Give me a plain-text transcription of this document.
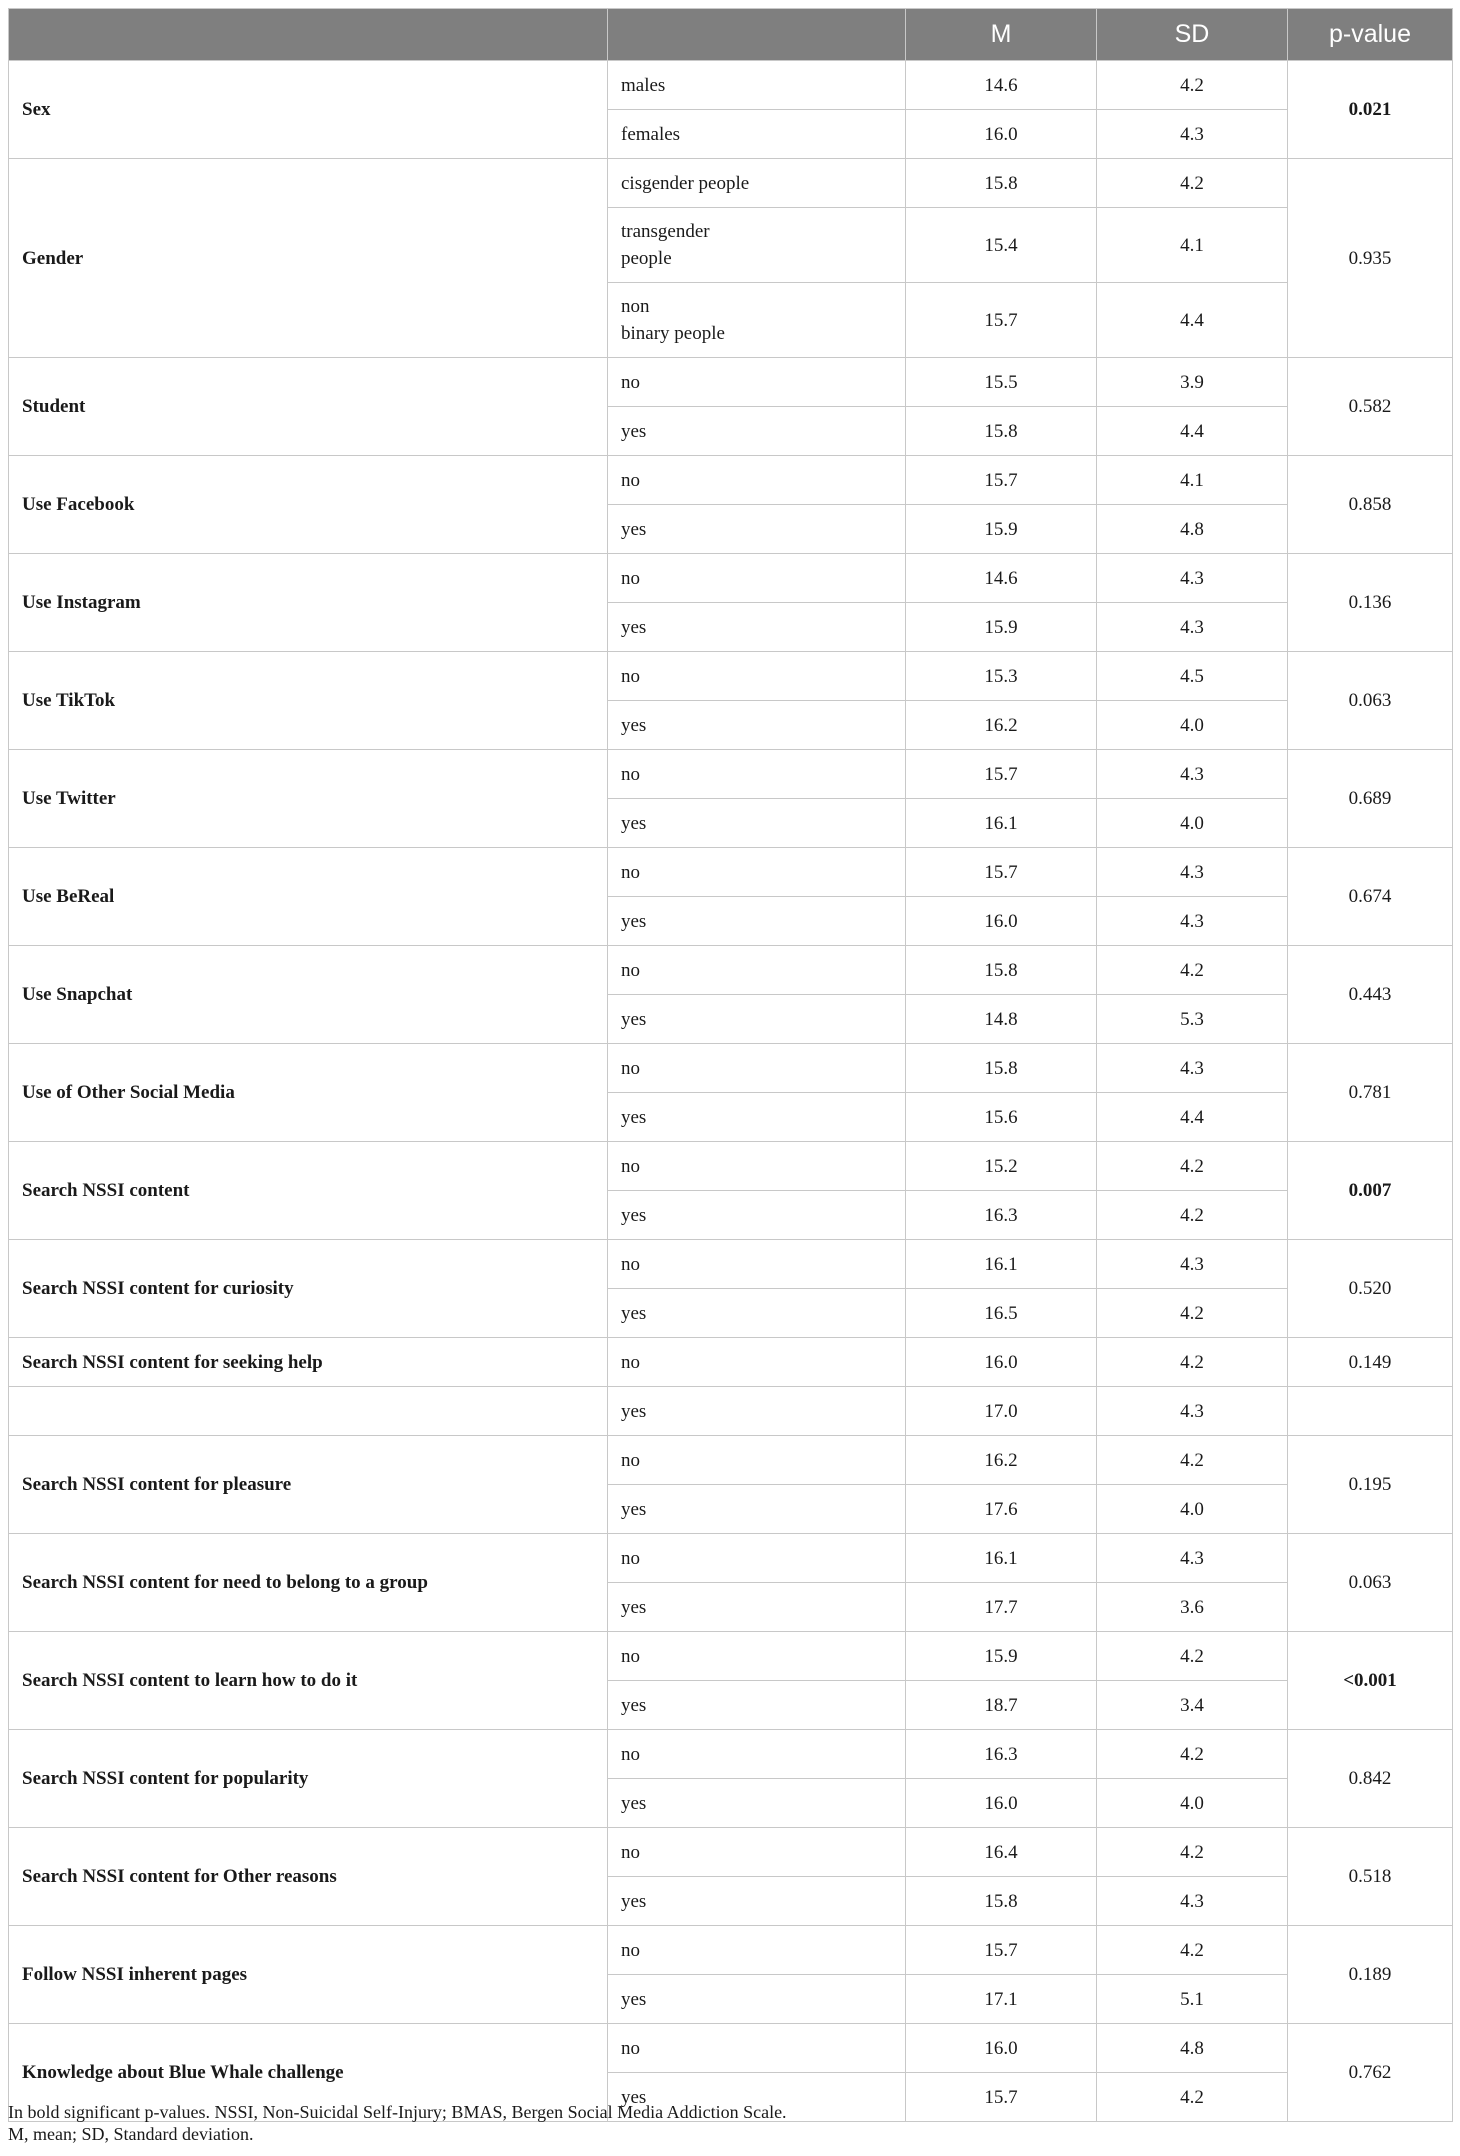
		M	SD	p-value
Sex	males	14.6	4.2	0.021
	females	16.0	4.3	
Gender	cisgender people	15.8	4.2	0.935
	transgender
people	15.4	4.1	
	non
binary people	15.7	4.4	
Student	no	15.5	3.9	0.582
	yes	15.8	4.4	
Use Facebook	no	15.7	4.1	0.858
	yes	15.9	4.8	
Use Instagram	no	14.6	4.3	0.136
	yes	15.9	4.3	
Use TikTok	no	15.3	4.5	0.063
	yes	16.2	4.0	
Use Twitter	no	15.7	4.3	0.689
	yes	16.1	4.0	
Use BeReal	no	15.7	4.3	0.674
	yes	16.0	4.3	
Use Snapchat	no	15.8	4.2	0.443
	yes	14.8	5.3	
Use of Other Social Media	no	15.8	4.3	0.781
	yes	15.6	4.4	
Search NSSI content	no	15.2	4.2	0.007
	yes	16.3	4.2	
Search NSSI content for curiosity	no	16.1	4.3	0.520
	yes	16.5	4.2	
Search NSSI content for seeking help	no	16.0	4.2	0.149
	yes	17.0	4.3	
Search NSSI content for pleasure	no	16.2	4.2	0.195
	yes	17.6	4.0	
Search NSSI content for need to belong to a group	no	16.1	4.3	0.063
	yes	17.7	3.6	
Search NSSI content to learn how to do it	no	15.9	4.2	<0.001
	yes	18.7	3.4	
Search NSSI content for popularity	no	16.3	4.2	0.842
	yes	16.0	4.0	
Search NSSI content for Other reasons	no	16.4	4.2	0.518
	yes	15.8	4.3	
Follow NSSI inherent pages	no	15.7	4.2	0.189
	yes	17.1	5.1	
Knowledge about Blue Whale challenge	no	16.0	4.8	0.762
	yes	15.7	4.2	
In bold significant p-values. NSSI, Non-Suicidal Self-Injury; BMAS, Bergen Social Media Addiction Scale.
M, mean; SD, Standard deviation.
